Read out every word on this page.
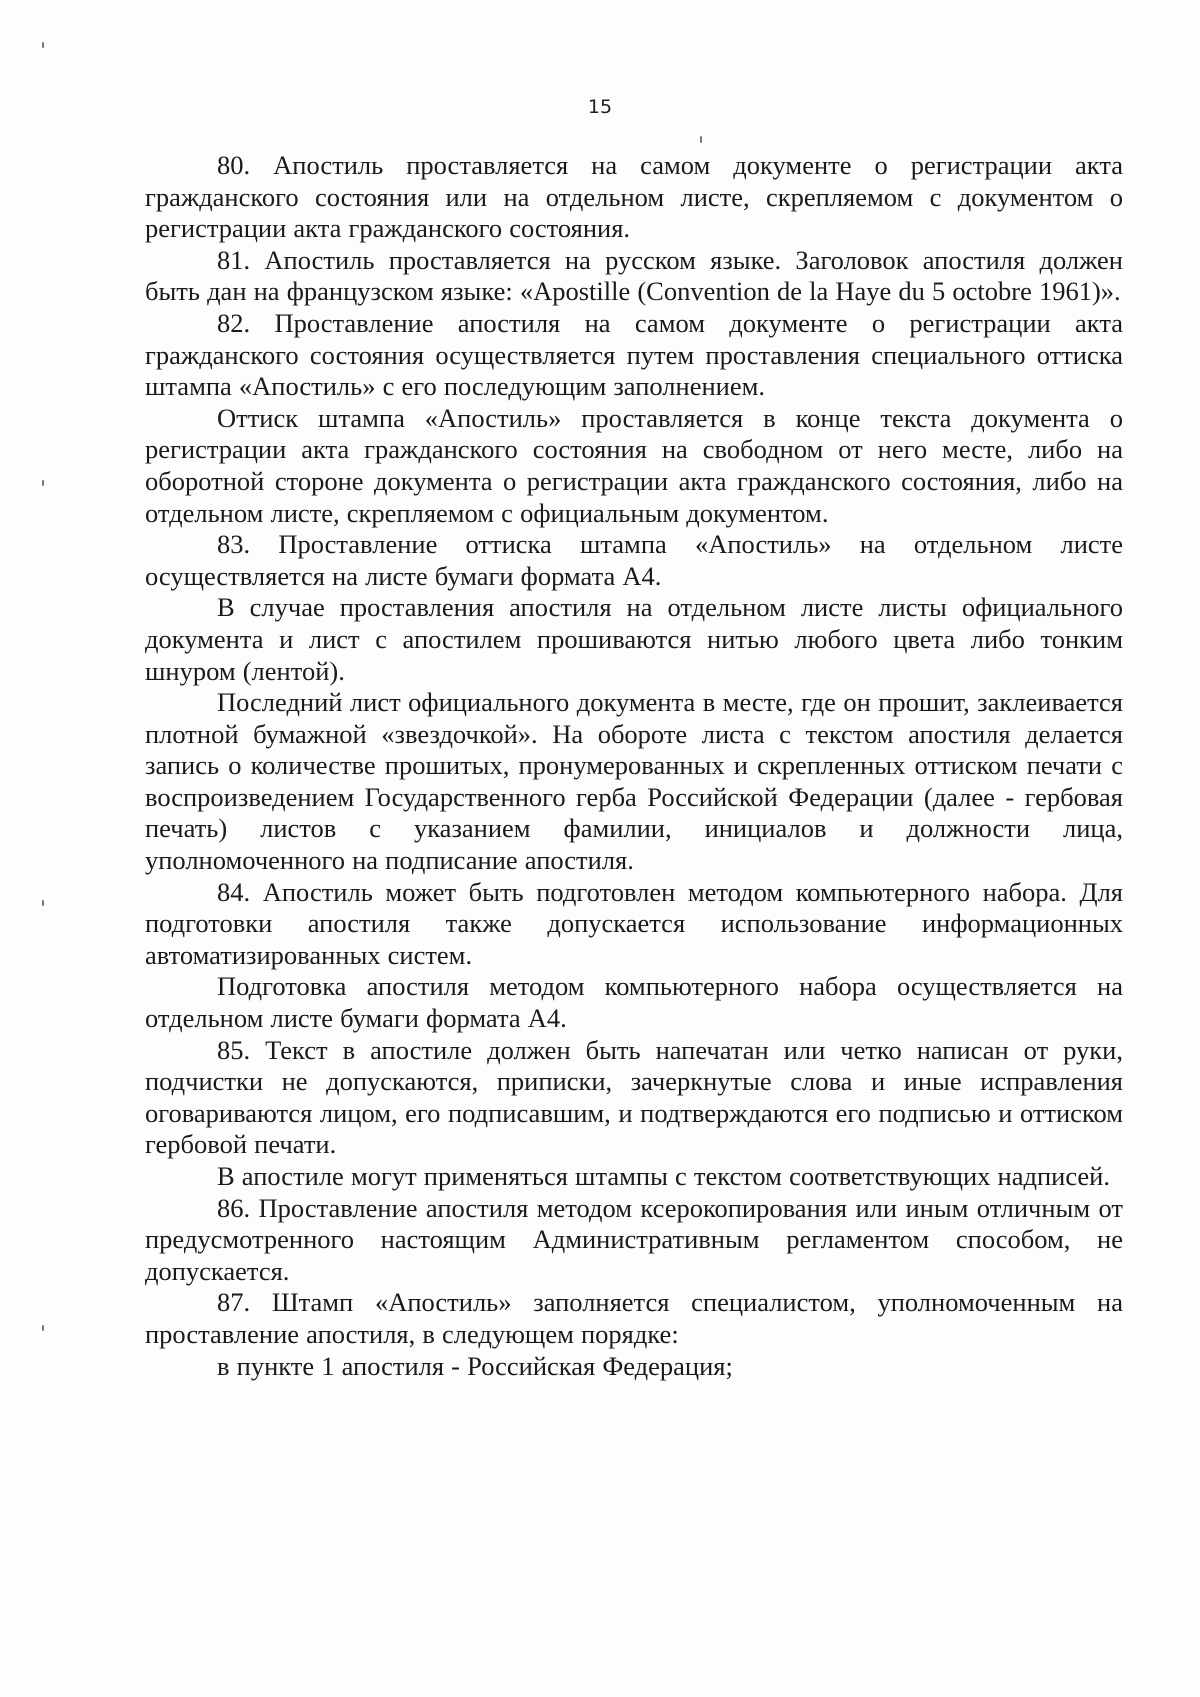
15

80. Апостиль проставляется на самом документе о регистрации акта гражданского состояния или на отдельном листе, скрепляемом с документом о регистрации акта гражданского состояния.

81. Апостиль проставляется на русском языке. Заголовок апостиля должен быть дан на французском языке: «Apostille (Convention de la Haye du 5 octobre 1961)».

82. Проставление апостиля на самом документе о регистрации акта гражданского состояния осуществляется путем проставления специального оттиска штампа «Апостиль» с его последующим заполнением.

Оттиск штампа «Апостиль» проставляется в конце текста документа о регистрации акта гражданского состояния на свободном от него месте, либо на оборотной стороне документа о регистрации акта гражданского состояния, либо на отдельном листе, скрепляемом с официальным документом.

83. Проставление оттиска штампа «Апостиль» на отдельном листе осуществляется на листе бумаги формата А4.

В случае проставления апостиля на отдельном листе листы официального документа и лист с апостилем прошиваются нитью любого цвета либо тонким шнуром (лентой).

Последний лист официального документа в месте, где он прошит, заклеивается плотной бумажной «звездочкой». На обороте листа с текстом апостиля делается запись о количестве прошитых, пронумерованных и скрепленных оттиском печати с воспроизведением Государственного герба Российской Федерации (далее - гербовая печать) листов с указанием фамилии, инициалов и должности лица, уполномоченного на подписание апостиля.

84. Апостиль может быть подготовлен методом компьютерного набора. Для подготовки апостиля также допускается использование информационных автоматизированных систем.

Подготовка апостиля методом компьютерного набора осуществляется на отдельном листе бумаги формата А4.

85. Текст в апостиле должен быть напечатан или четко написан от руки, подчистки не допускаются, приписки, зачеркнутые слова и иные исправления оговариваются лицом, его подписавшим, и подтверждаются его подписью и оттиском гербовой печати.

В апостиле могут применяться штампы с текстом соответствующих надписей.

86. Проставление апостиля методом ксерокопирования или иным отличным от предусмотренного настоящим Административным регламентом способом, не допускается.

87. Штамп «Апостиль» заполняется специалистом, уполномоченным на проставление апостиля, в следующем порядке:

в пункте 1 апостиля - Российская Федерация;
